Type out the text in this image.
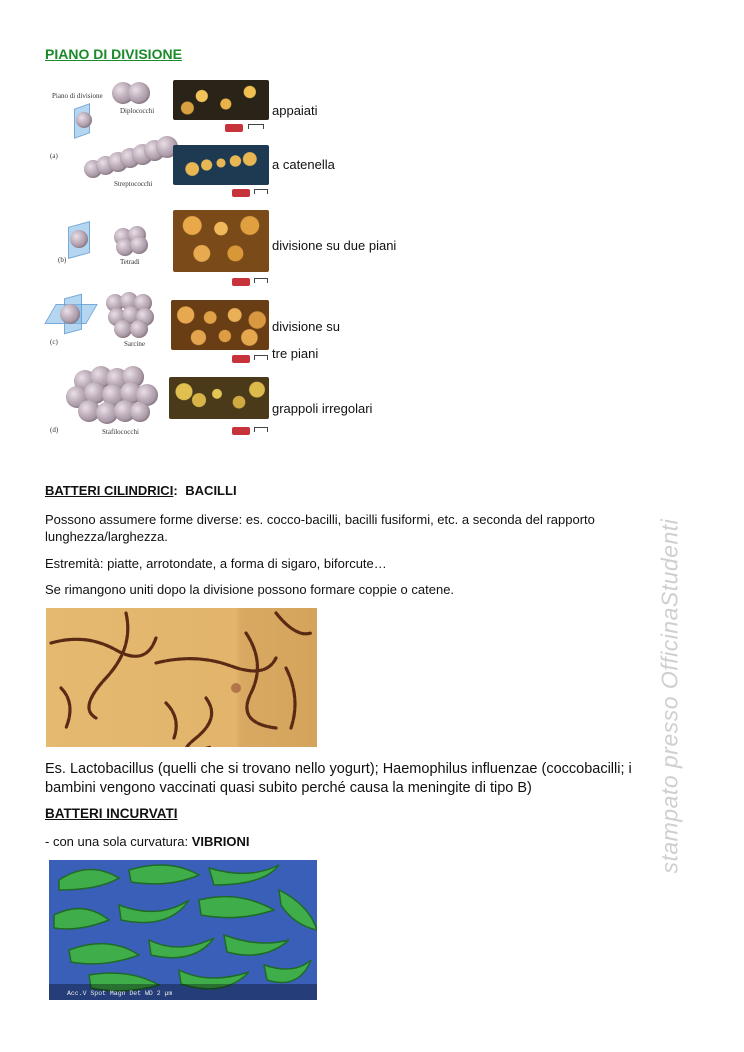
PIANO DI DIVISIONE
Piano di divisione
Diplococchi
(a)
Streptococchi
Tetradi
(b)
Sarcine
(c)
Stafilococchi
(d)
appaiati
a catenella
divisione su due piani
divisione su
tre piani
grappoli irregolari
BATTERI CILINDRICI: BACILLI
Possono assumere forme diverse: es. cocco-bacilli, bacilli fusiformi, etc. a seconda del rapporto lunghezza/larghezza.
Estremità: piatte, arrotondate, a forma di sigaro, biforcute…
Se rimangono uniti dopo la divisione possono formare coppie o catene.
Es. Lactobacillus (quelli che si trovano nello yogurt); Haemophilus influenzae (coccobacilli; i bambini vengono vaccinati quasi subito perché causa la meningite di tipo B)
BATTERI INCURVATI
- con una sola curvatura: VIBRIONI
Acc.V Spot Magn Det WD 2 µm
stampato presso OfficinaStudenti
